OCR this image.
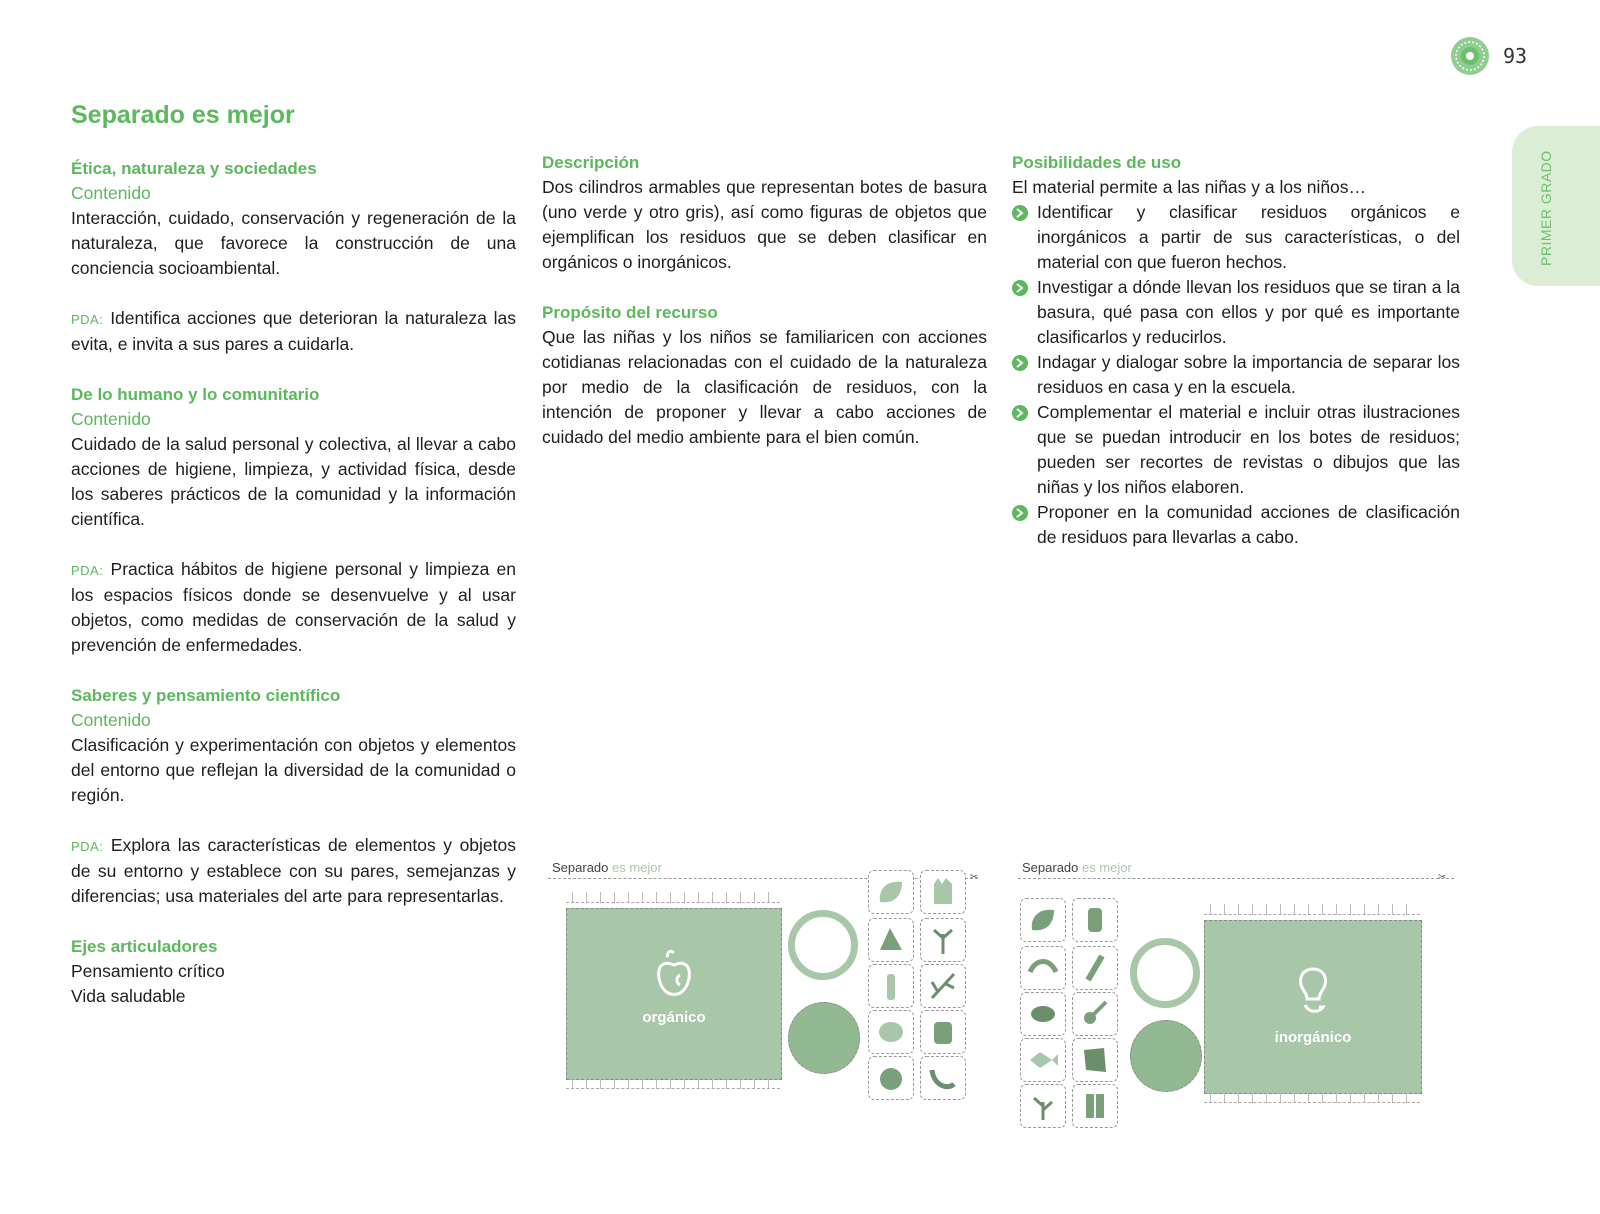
93
PRIMER GRADO
Separado es mejor

Ética, naturaleza y sociedades

Contenido

Interacción, cuidado, conservación y regeneración de la naturaleza, que favorece la construcción de una conciencia socioambiental.

PDA: Identifica acciones que deterioran la naturaleza las evita, e invita a sus pares a cuidarla.

De lo humano y lo comunitario

Contenido

Cuidado de la salud personal y colectiva, al llevar a cabo acciones de higiene, limpieza, y actividad física, desde los saberes prácticos de la comunidad y la información científica.

PDA: Practica hábitos de higiene personal y limpieza en los espacios físicos donde se desenvuelve y al usar objetos, como medidas de conservación de la salud y prevención de enfermedades.

Saberes y pensamiento científico

Contenido

Clasificación y experimentación con objetos y elementos del entorno que reflejan la diversidad de la comunidad o región.

PDA: Explora las características de elementos y objetos de su entorno y establece con su pares, semejanzas y diferencias; usa materiales del arte para representarlas.

Ejes articuladores

Pensamiento crítico

Vida saludable

Descripción

Dos cilindros armables que representan botes de basura (uno verde y otro gris), así como figuras de objetos que ejemplifican los residuos que se deben clasificar en orgánicos o inorgánicos.

Propósito del recurso

Que las niñas y los niños se familiaricen con acciones cotidianas relacionadas con el cuidado de la naturaleza por medio de la clasificación de residuos, con la intención de proponer y llevar a cabo acciones de cuidado del medio ambiente para el bien común.

Posibilidades de uso

El material permite a las niñas y a los niños…

Identificar y clasificar residuos orgánicos e inorgánicos a partir de sus características, o del material con que fueron hechos.
Investigar a dónde llevan los residuos que se tiran a la basura, qué pasa con ellos y por qué es importante clasificarlos y reducirlos.
Indagar y dialogar sobre la importancia de separar los residuos en casa y en la escuela.
Complementar el material e incluir otras ilustraciones que se puedan introducir en los botes de residuos; pueden ser recortes de revistas o dibujos que las niñas y los niños elaboren.
Proponer en la comunidad acciones de clasificación de residuos para llevarlas a cabo.
Separado es mejor
✂
orgánico
Separado es mejor
✂
inorgánico
